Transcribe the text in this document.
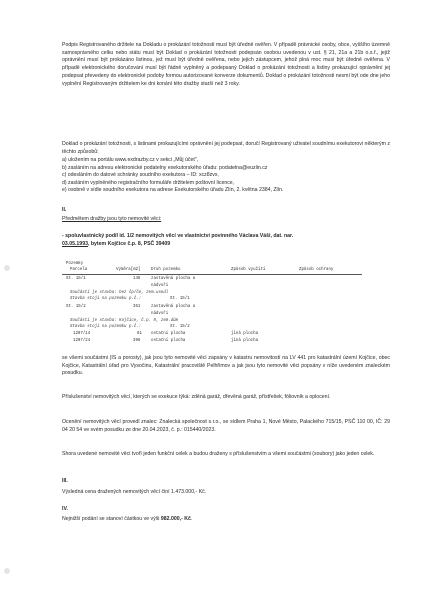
Podpis Registrovaného držitele na Dokladu o prokázání totožnosti musí být úředně ověřen. V případě právnické osoby, obce, vyššího územně samosprávného celku nebo státu musí být Doklad o prokázání totožnosti podepsán osobou uvedenou v ust. § 21, 21a a 21b o.s.ř., jejíž oprávnění musí být prokázáno listinou, jež musí být úředně ověřena, nebo jejich zástupcem, jehož plná moc musí být úředně ověřena. V případě elektronického doručování musí být řádně vyplněný a podepsaný Doklad o prokázání totožnosti a listiny prokazující oprávnění jej podepsat převedeny do elektronické podoby formou autorizované konverze dokumentů. Doklad o prokázání totožnosti nesmí být ode dne jeho vyplnění Registrovaným držitelem ke dni konání této dražby starší než 3 roky.

Doklad o prokázání totožnosti, s listinami prokazujícími oprávnění jej podepsat, doručí Registrovaný uživatel soudnímu exekutorovi některým z těchto způsobů:

a) uložením na portálu www.exdrazby.cz v sekci „Můj účet",
b) zasláním na adresu elektronické podatelny exekutorského úřadu: podatelna@euzlin.cz
c) odesláním do datové schránky soudního exekutora – ID: xcz8zvx,
d) zasláním vyplněného registračního formuláře držitelem poštovní licence,
e) osobně v sídle soudního exekutora na adrese Exekutorského úřadu Zlín, 2. května 2384, Zlín.
II.
Předmětem dražby jsou tyto nemovité věci:
- spoluvlastnický podíl id. 1/2 nemovitých věcí ve vlastnictví povinného Václava Váši, dat. nar.
03.05.1993, bytem Kojčice č.p. 8, PSČ 39409
Pozemky
Parcela	Výměra[m2]	Druh pozemku	Způsob využití	Způsob ochrany
St. 15/1	146	zastavěná plocha a
nádvoří
Součástí je stavba: bez čp/če, zem.usedl
Stavba stojí na pozemku p.č.:	St. 15/1
St. 15/2	361	zastavěná plocha a
nádvoří
Součástí je stavba: Kojčice, č.p. 8, zem.dům
Stavba stojí na pozemku p.č.:	St. 15/2
1207/14	61 ostatní plocha	jiná plocha
1207/24	396	ostatní plocha	jiná plocha

se všemi součástmi (IS a porosty), jak jsou tyto nemovité věci zapsány v katastru nemovitostí na LV 441 pro katastrální území Kojčice, obec Kojčice, Katastrální úřad pro Vysočinu, Katastrální pracoviště Pelhřimov a jak jsou tyto nemovité věci popsány v níže uvedeném znaleckém posudku.

Příslušenství nemovitých věcí, kterých se exekuce týká: zděná garáž, dřevěná garáž, přístřešek, fóliovník a oplocení.

Ocenění nemovitých věcí provedl znalec: Znalecká společnost s.r.o., se sídlem Praha 1, Nové Město, Palackého 715/15, PSČ 110 00, IČ: 29 04 20 54 ve svém posudku ze dne 20.04.2023, č. p.: 015440/2023.

Shora uvedené nemovité věci tvoří jeden funkční celek a budou draženy s příslušenstvím a všemi součástmi (soubory) jako jeden celek.

III.
Výsledná cena dražených nemovitých věcí činí 1.473.000,- Kč.
IV.
Nejnižší podání se stanoví částkou ve výši 982.000,- Kč.
